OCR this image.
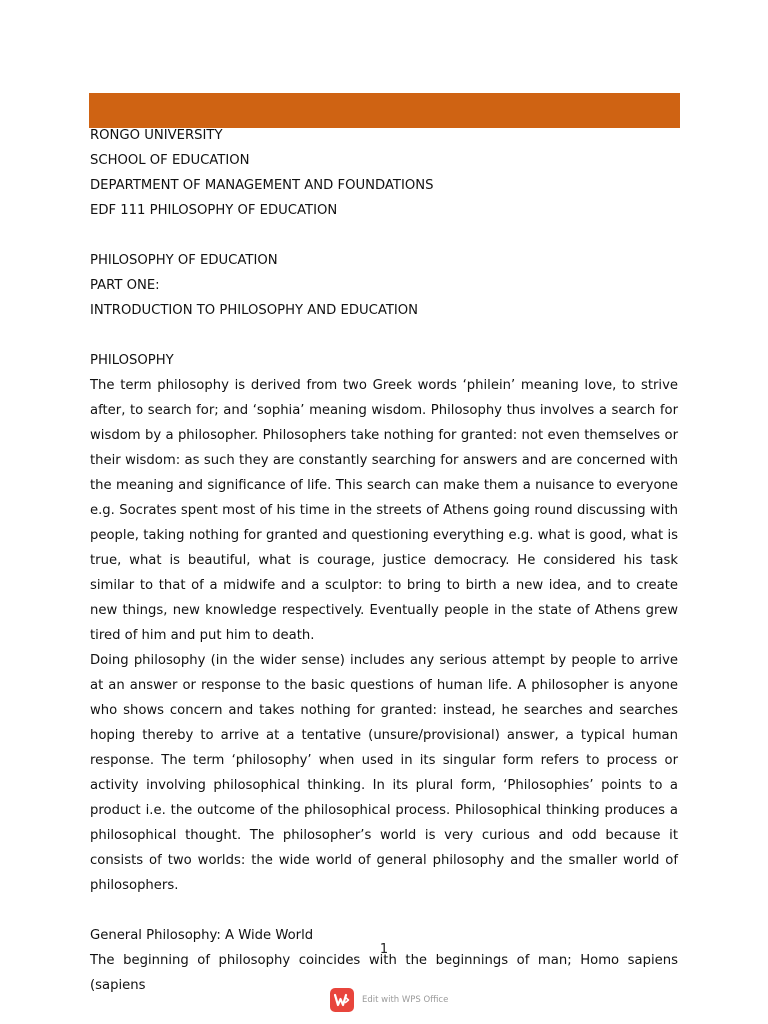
RONGO UNIVERSITY
SCHOOL OF EDUCATION
DEPARTMENT OF MANAGEMENT AND FOUNDATIONS
EDF 111 PHILOSOPHY OF EDUCATION
PHILOSOPHY OF EDUCATION
PART ONE:
INTRODUCTION TO PHILOSOPHY AND EDUCATION
PHILOSOPHY

The term philosophy is derived from two Greek words ‘philein’ meaning love, to strive after, to search for; and ‘sophia’ meaning wisdom. Philosophy thus involves a search for wisdom by a philosopher. Philosophers take nothing for granted: not even themselves or their wisdom: as such they are constantly searching for answers and are concerned with the meaning and significance of life. This search can make them a nuisance to everyone e.g. Socrates spent most of his time in the streets of Athens going round discussing with people, taking nothing for granted and questioning everything e.g. what is good, what is true, what is beautiful, what is courage, justice democracy. He considered his task similar to that of a midwife and a sculptor: to bring to birth a new idea, and to create new things, new knowledge respectively. Eventually people in the state of Athens grew tired of him and put him to death.

Doing philosophy (in the wider sense) includes any serious attempt by people to arrive at an answer or response to the basic questions of human life. A philosopher is anyone who shows concern and takes nothing for granted: instead, he searches and searches hoping thereby to arrive at a tentative (unsure/provisional) answer, a typical human response. The term ‘philosophy’ when used in its singular form refers to process or activity involving philosophical thinking. In its plural form, ‘Philosophies’ points to a product i.e. the outcome of the philosophical process. Philosophical thinking produces a philosophical thought. The philosopher’s world is very curious and odd because it consists of two worlds: the wide world of general philosophy and the smaller world of philosophers.

General Philosophy: A Wide World

The beginning of philosophy coincides with the beginnings of man; Homo sapiens (sapiens

1
Edit with WPS Office
